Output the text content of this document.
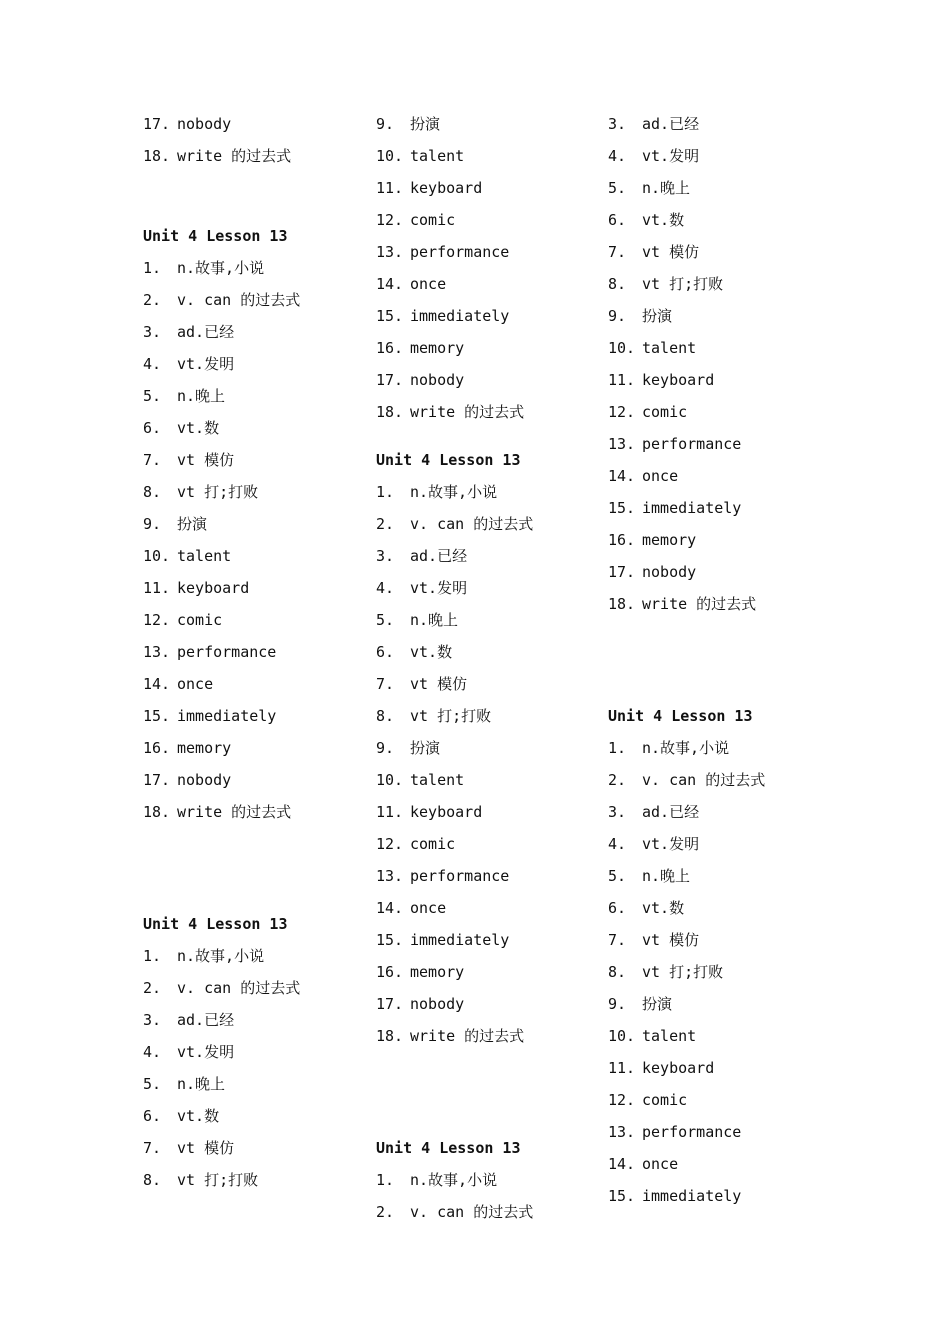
17. nobody
18. write 的过去式
Unit 4 Lesson 13
1. n.故事,小说
2. v. can 的过去式
3. ad.已经
4. vt.发明
5. n.晚上
6. vt.数
7. vt 模仿
8. vt 打;打败
9. 扮演
10. talent
11. keyboard
12. comic
13. performance
14. once
15. immediately
16. memory
17. nobody
18. write 的过去式
Unit 4 Lesson 13
1. n.故事,小说
2. v. can 的过去式
3. ad.已经
4. vt.发明
5. n.晚上
6. vt.数
7. vt 模仿
8. vt 打;打败
9. 扮演
10. talent
11. keyboard
12. comic
13. performance
14. once
15. immediately
16. memory
17. nobody
18. write 的过去式
Unit 4 Lesson 13
1. n.故事,小说
2. v. can 的过去式
3. ad.已经
4. vt.发明
5. n.晚上
6. vt.数
7. vt 模仿
8. vt 打;打败
9. 扮演
10. talent
11. keyboard
12. comic
13. performance
14. once
15. immediately
16. memory
17. nobody
18. write 的过去式
Unit 4 Lesson 13
1. n.故事,小说
2. v. can 的过去式
3. ad.已经
4. vt.发明
5. n.晚上
6. vt.数
7. vt 模仿
8. vt 打;打败
9. 扮演
10. talent
11. keyboard
12. comic
13. performance
14. once
15. immediately
16. memory
17. nobody
18. write 的过去式
Unit 4 Lesson 13
1. n.故事,小说
2. v. can 的过去式
3. ad.已经
4. vt.发明
5. n.晚上
6. vt.数
7. vt 模仿
8. vt 打;打败
9. 扮演
10. talent
11. keyboard
12. comic
13. performance
14. once
15. immediately
